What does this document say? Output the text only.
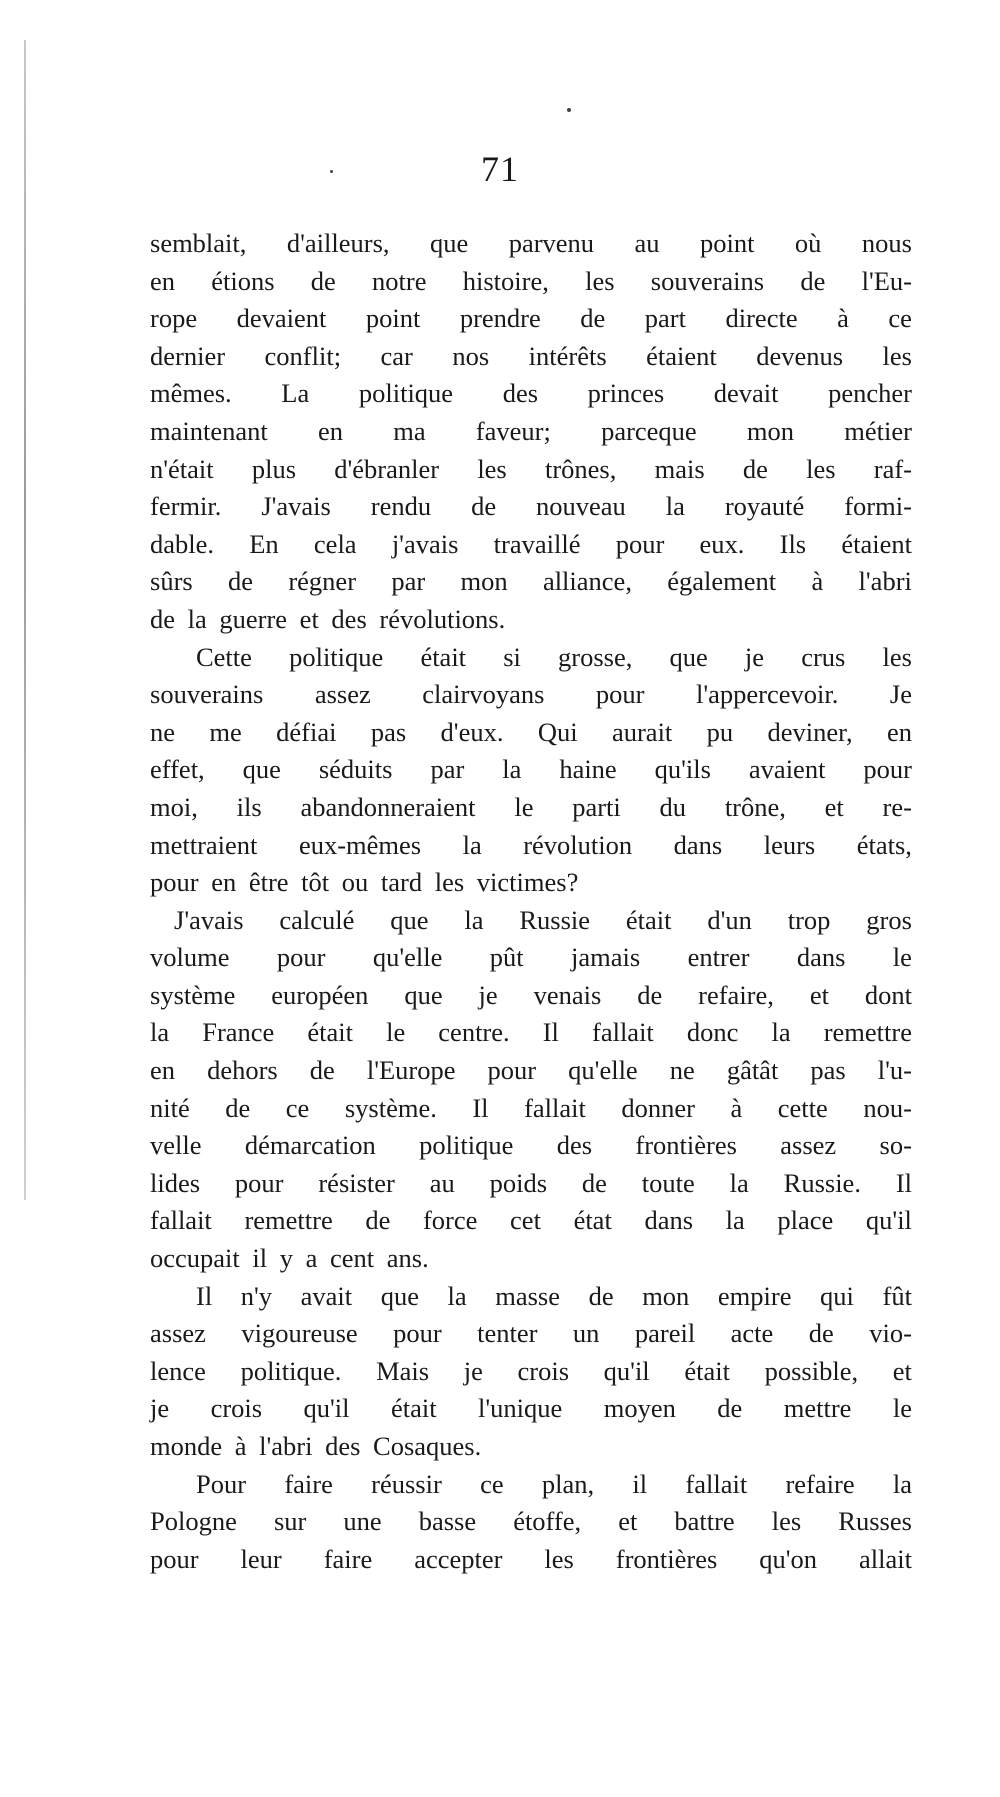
71
semblait, d'ailleurs, que parvenu au point où nous
en étions de notre histoire, les souverains de l'Eu-
rope devaient point prendre de part directe à ce
dernier conflit; car nos intérêts étaient devenus les
mêmes. La politique des princes devait pencher
maintenant en ma faveur; parceque mon métier
n'était plus d'ébranler les trônes, mais de les raf-
fermir. J'avais rendu de nouveau la royauté formi-
dable. En cela j'avais travaillé pour eux. Ils étaient
sûrs de régner par mon alliance, également à l'abri
de la guerre et des révolutions.
Cette politique était si grosse, que je crus les
souverains assez clairvoyans pour l'appercevoir. Je
ne me défiai pas d'eux. Qui aurait pu deviner, en
effet, que séduits par la haine qu'ils avaient pour
moi, ils abandonneraient le parti du trône, et re-
mettraient eux-mêmes la révolution dans leurs états,
pour en être tôt ou tard les victimes?
J'avais calculé que la Russie était d'un trop gros
volume pour qu'elle pût jamais entrer dans le
système européen que je venais de refaire, et dont
la France était le centre. Il fallait donc la remettre
en dehors de l'Europe pour qu'elle ne gâtât pas l'u-
nité de ce système. Il fallait donner à cette nou-
velle démarcation politique des frontières assez so-
lides pour résister au poids de toute la Russie. Il
fallait remettre de force cet état dans la place qu'il
occupait il y a cent ans.
Il n'y avait que la masse de mon empire qui fût
assez vigoureuse pour tenter un pareil acte de vio-
lence politique. Mais je crois qu'il était possible, et
je crois qu'il était l'unique moyen de mettre le
monde à l'abri des Cosaques.
Pour faire réussir ce plan, il fallait refaire la
Pologne sur une basse étoffe, et battre les Russes
pour leur faire accepter les frontières qu'on allait
